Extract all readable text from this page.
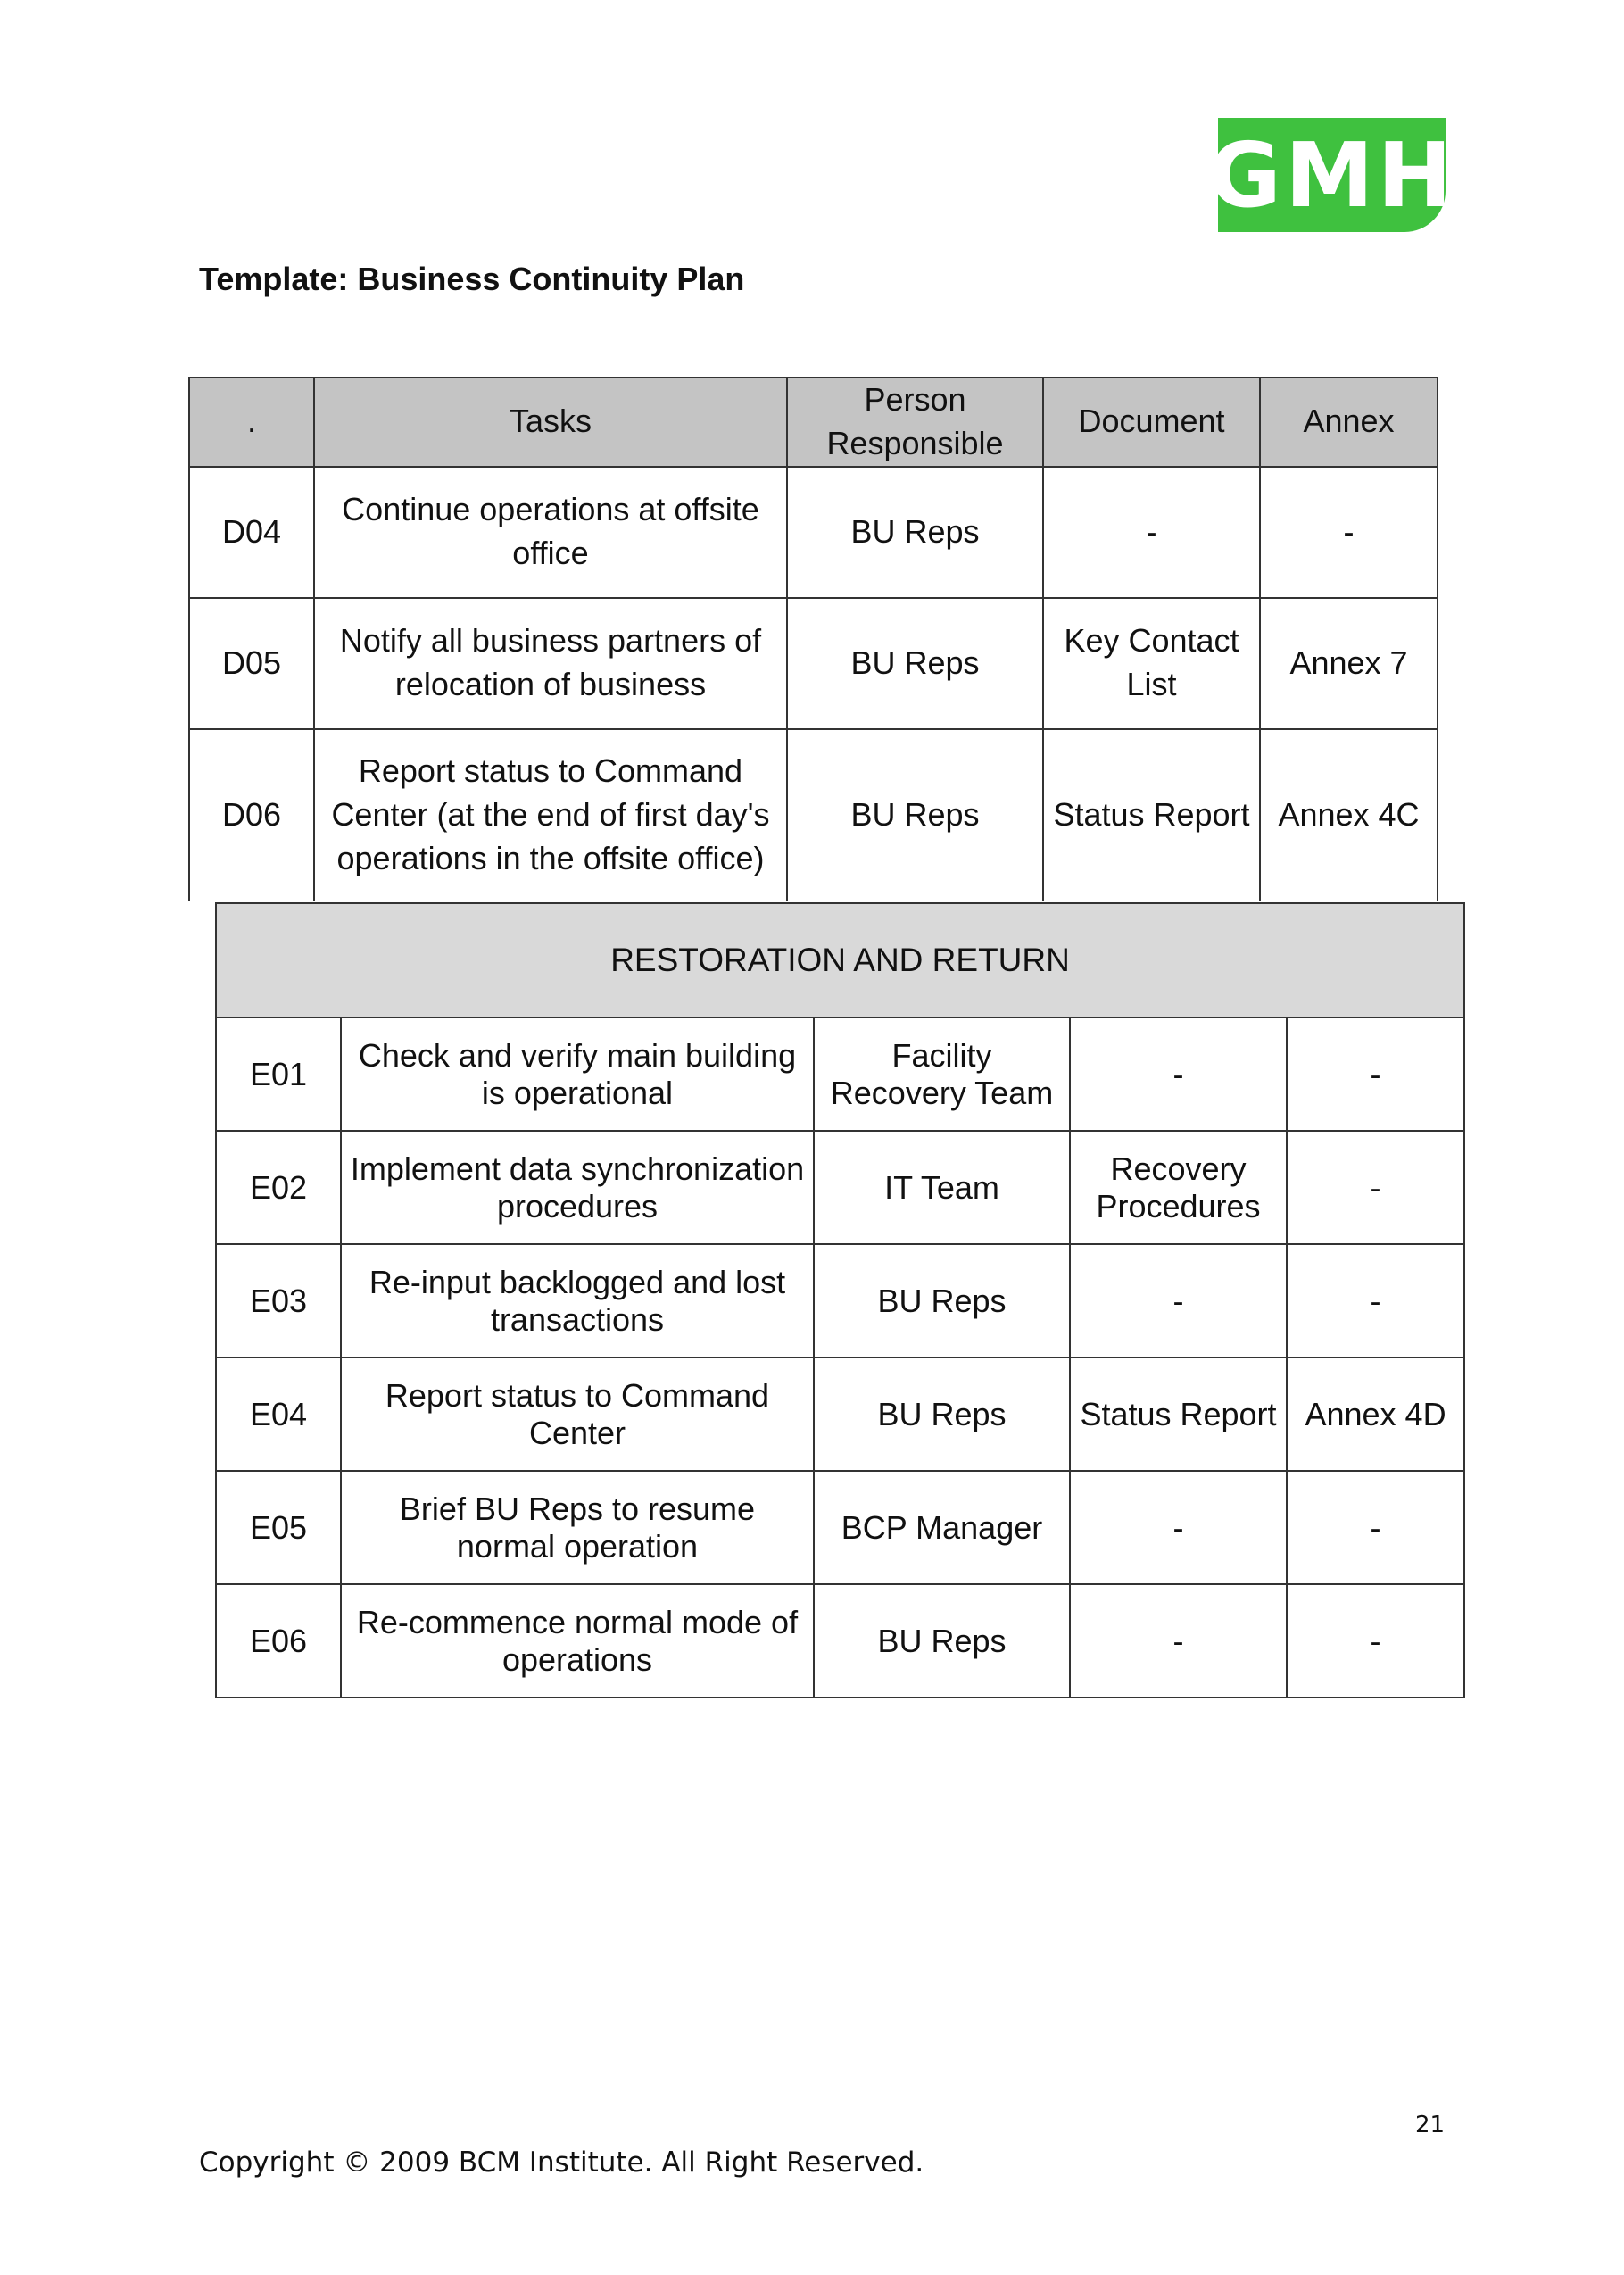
GMH
Template: Business Continuity Plan
.	Tasks	Person Responsible	Document	Annex
D04	Continue operations at offsite office	BU Reps	-	-
D05	Notify all business partners of relocation of business	BU Reps	Key Contact List	Annex 7
D06	Report status to Command Center (at the end of first day's operations in the offsite office)	BU Reps	Status Report	Annex 4C
RESTORATION AND RETURN				
E01	Check and verify main building is operational	Facility Recovery Team	-	-
E02	Implement data synchronization procedures	IT Team	Recovery Procedures	-
E03	Re-input backlogged and lost transactions	BU Reps	-	-
E04	Report status to Command Center	BU Reps	Status Report	Annex 4D
E05	Brief BU Reps to resume normal operation	BCP Manager	-	-
E06	Re-commence normal mode of operations	BU Reps	-	-
21
Copyright © 2009 BCM Institute. All Right Reserved.
